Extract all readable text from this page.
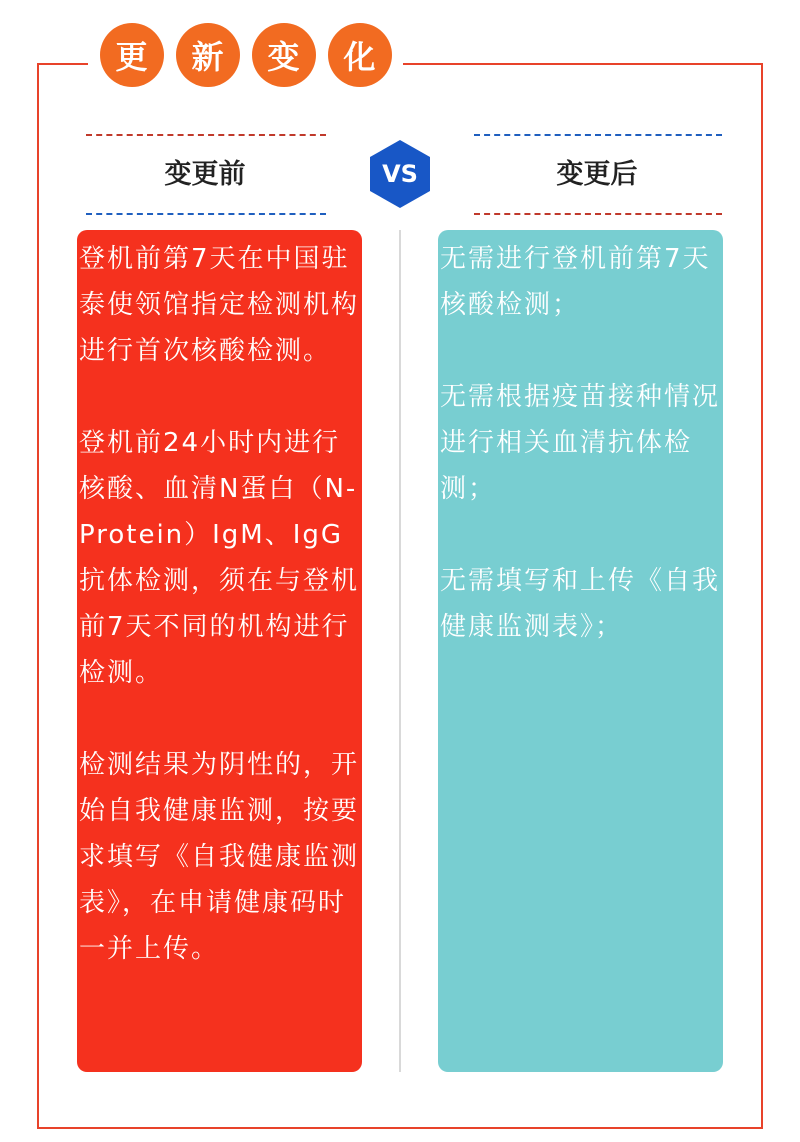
更	新	变	化
变更前	变更后
VS

登机前第7天在中国驻泰使领馆指定检测机构进行首次核酸检测。

登机前24小时内进行核酸、血清N蛋白（N-Protein）IgM、IgG抗体检测，须在与登机前7天不同的机构进行检测。

检测结果为阴性的，开始自我健康监测，按要求填写《自我健康监测表》，在申请健康码时一并上传。

无需进行登机前第7天核酸检测；

无需根据疫苗接种情况进行相关血清抗体检测；

无需填写和上传《自我健康监测表》；
